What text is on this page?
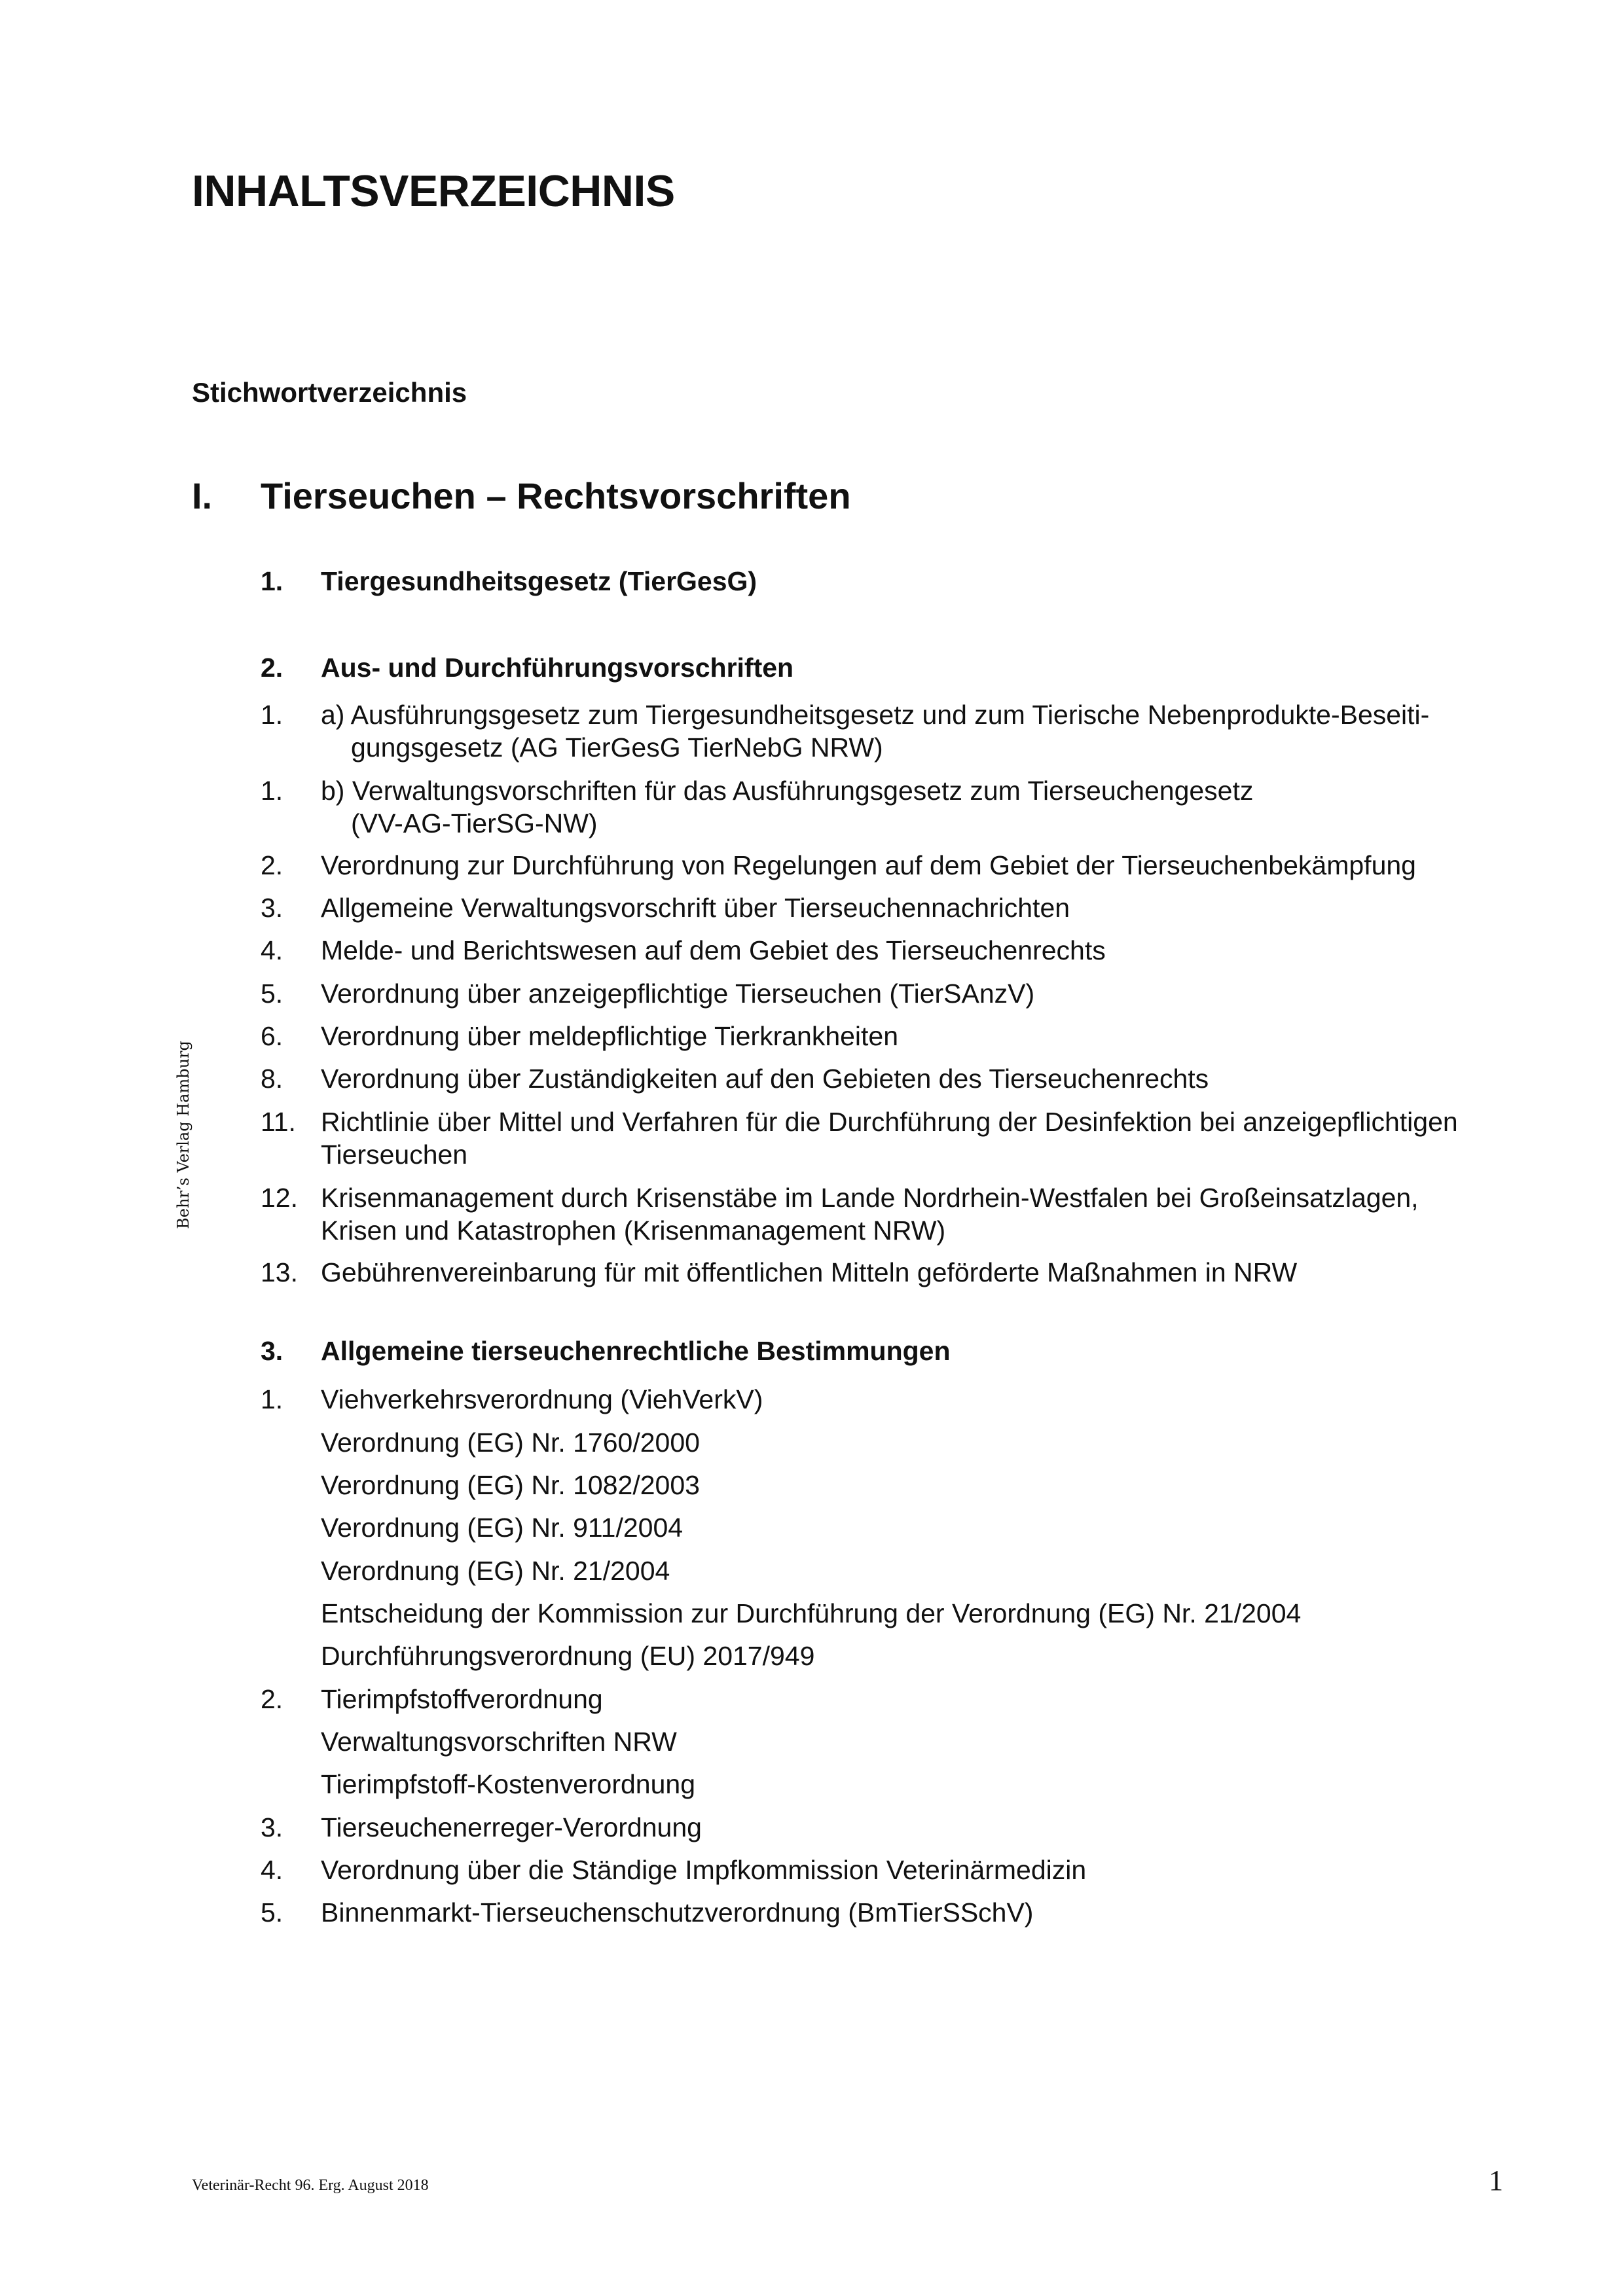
INHALTSVERZEICHNIS
Stichwortverzeichnis
I. Tierseuchen – Rechtsvorschriften
1. Tiergesundheitsgesetz (TierGesG)
2. Aus- und Durchführungsvorschriften
1. a) Ausführungsgesetz zum Tiergesundheitsgesetz und zum Tierische Nebenprodukte-Beseiti-
gungsgesetz (AG TierGesG TierNebG NRW)
1. b) Verwaltungsvorschriften für das Ausführungsgesetz zum Tierseuchengesetz
(VV-AG-TierSG-NW)
2. Verordnung zur Durchführung von Regelungen auf dem Gebiet der Tierseuchenbekämpfung
3. Allgemeine Verwaltungsvorschrift über Tierseuchennachrichten
4. Melde- und Berichtswesen auf dem Gebiet des Tierseuchenrechts
5. Verordnung über anzeigepflichtige Tierseuchen (TierSAnzV)
6. Verordnung über meldepflichtige Tierkrankheiten
8. Verordnung über Zuständigkeiten auf den Gebieten des Tierseuchenrechts
11. Richtlinie über Mittel und Verfahren für die Durchführung der Desinfektion bei anzeigepflichtigen
Tierseuchen
12. Krisenmanagement durch Krisenstäbe im Lande Nordrhein-Westfalen bei Großeinsatzlagen,
Krisen und Katastrophen (Krisenmanagement NRW)
13. Gebührenvereinbarung für mit öffentlichen Mitteln geförderte Maßnahmen in NRW
3. Allgemeine tierseuchenrechtliche Bestimmungen
1. Viehverkehrsverordnung (ViehVerkV)
Verordnung (EG) Nr. 1760/2000
Verordnung (EG) Nr. 1082/2003
Verordnung (EG) Nr. 911/2004
Verordnung (EG) Nr. 21/2004
Entscheidung der Kommission zur Durchführung der Verordnung (EG) Nr. 21/2004
Durchführungsverordnung (EU) 2017/949
2. Tierimpfstoffverordnung
Verwaltungsvorschriften NRW
Tierimpfstoff-Kostenverordnung
3. Tierseuchenerreger-Verordnung
4. Verordnung über die Ständige Impfkommission Veterinärmedizin
5. Binnenmarkt-Tierseuchenschutzverordnung (BmTierSSchV)
Behr’s Verlag Hamburg
Veterinär-Recht 96. Erg. August 2018	1
